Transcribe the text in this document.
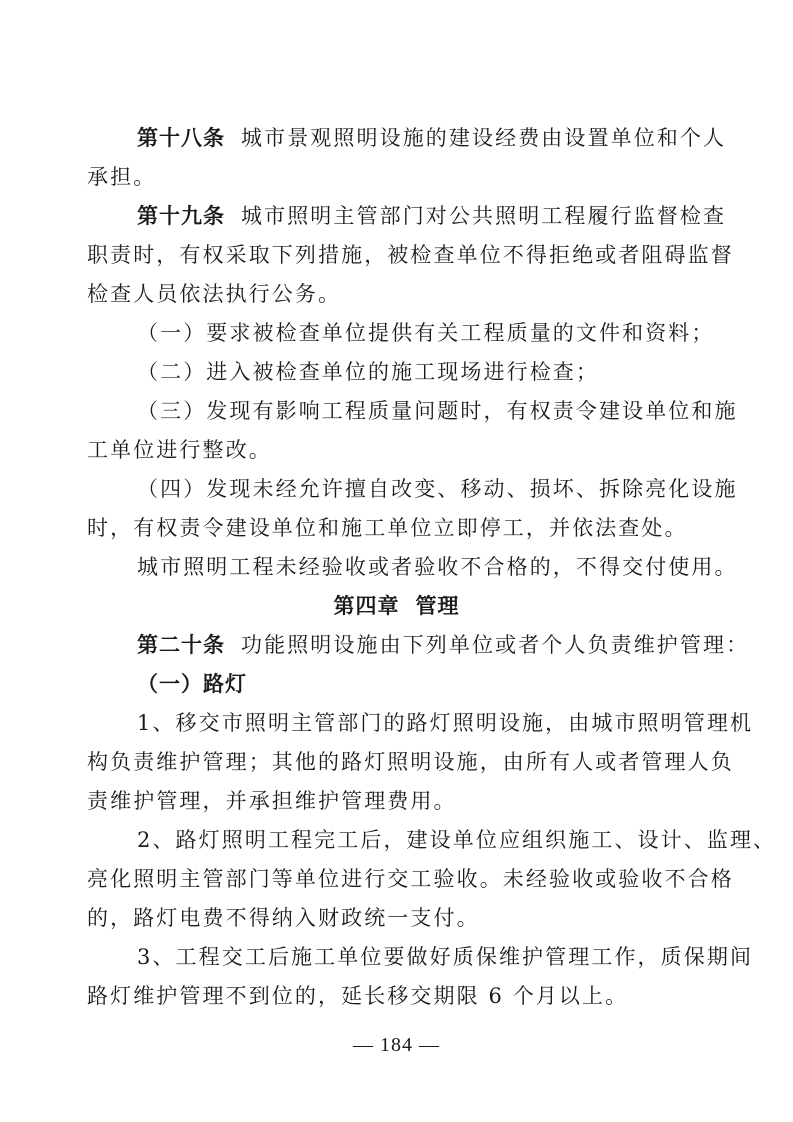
第十八条 城市景观照明设施的建设经费由设置单位和个人
承担。
第十九条 城市照明主管部门对公共照明工程履行监督检查
职责时，有权采取下列措施，被检查单位不得拒绝或者阻碍监督
检查人员依法执行公务。
（一）要求被检查单位提供有关工程质量的文件和资料；
（二）进入被检查单位的施工现场进行检查；
（三）发现有影响工程质量问题时，有权责令建设单位和施
工单位进行整改。
（四）发现未经允许擅自改变、移动、损坏、拆除亮化设施
时，有权责令建设单位和施工单位立即停工，并依法查处。
城市照明工程未经验收或者验收不合格的，不得交付使用。
第四章 管理
第二十条 功能照明设施由下列单位或者个人负责维护管理：
（一）路灯
1、移交市照明主管部门的路灯照明设施，由城市照明管理机
构负责维护管理；其他的路灯照明设施，由所有人或者管理人负
责维护管理，并承担维护管理费用。
2、路灯照明工程完工后，建设单位应组织施工、设计、监理、
亮化照明主管部门等单位进行交工验收。未经验收或验收不合格
的，路灯电费不得纳入财政统一支付。
3、工程交工后施工单位要做好质保维护管理工作，质保期间
路灯维护管理不到位的，延长移交期限 6 个月以上。
— 184 —
